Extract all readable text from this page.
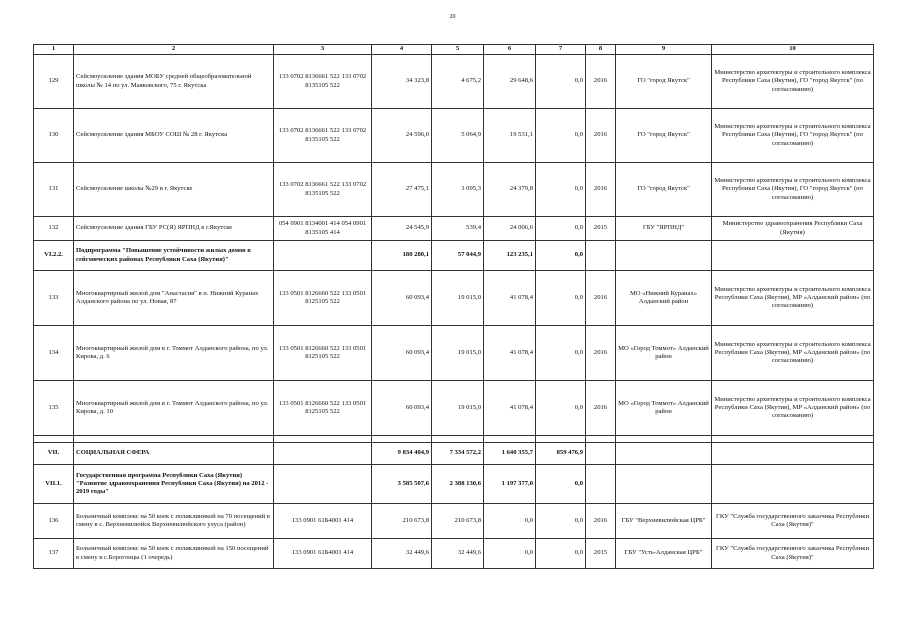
20
1	2	3	4	5	6	7	8	9	10
129	Сейсмоусиление здания МОБУ средней общеобразовательной школы № 14 по ул. Маяковского, 75 г. Якутска	133 0702 8136661 522 133 0702 8135105 522	34 323,8	4 675,2	29 648,6	0,0	2016	ГО "город Якутск"	Министерство архитектуры и строительного комплекса Республики Саха (Якутия), ГО "город Якутск" (по согласованию)
130	Сейсмоусиление здания МБОУ СОШ № 28 г. Якутска	133 0702 8136661 522 133 0702 8135105 522	24 596,0	5 064,9	19 531,1	0,0	2016	ГО "город Якутск"	Министерство архитектуры и строительного комплекса Республики Саха (Якутия), ГО "город Якутск" (по согласованию)
131	Сейсмоусиление школы №29 в г. Якутске	133 0702 8136661 522 133 0702 8135105 522	27 475,1	3 095,3	24 379,8	0,0	2016	ГО "город Якутск"	Министерство архитектуры и строительного комплекса Республики Саха (Якутия), ГО "город Якутск" (по согласованию)
132	Сейсмоусиление здания ГБУ РС(Я) ЯРПНД в г.Якутске	054 0901 8134001 414 054 0901 8135105 414	24 545,9	539,4	24 006,6	0,0	2015	ГБУ "ЯРПНД"	Министерство здравоохранения Республики Саха (Якутия)
VI.2.2.	Подпрограмма "Повышение устойчивости жилых домов в сейсмических районах Республики Саха (Якутия)"		180 280,1	57 044,9	123 235,1	0,0			
133	Многоквартирный жилой дом "Анастасия" в п. Нижний Куранах Алданского района по ул. Новая, 87	133 0501 8126660 522 133 0501 8125105 522	60 093,4	19 015,0	41 078,4	0,0	2016	МО «Нижний Куранах» Алданский район	Министерство архитектуры и строительного комплекса Республики Саха (Якутия), МР «Алданский район» (по согласованию)
134	Многоквартирный жилой дом в г. Томмот Алданского района, по ул. Кирова, д. 6	133 0501 8126660 522 133 0501 8125105 522	60 093,4	19 015,0	41 078,4	0,0	2016	МО «Город Томмот» Алданский район	Министерство архитектуры и строительного комплекса Республики Саха (Якутия), МР «Алданский район» (по согласованию)
135	Многоквартирный жилой дом в г. Томмот Алданского района, по ул. Кирова, д. 10	133 0501 8126660 522 133 0501 8125105 522	60 093,4	19 015,0	41 078,4	0,0	2016	МО «Город Томмот» Алданский район	Министерство архитектуры и строительного комплекса Республики Саха (Якутия), МР «Алданский район» (по согласованию)

VII.	СОЦИАЛЬНАЯ СФЕРА		9 834 404,9	7 334 572,2	1 640 355,7	859 476,9			
VII.1.	Государственная программа Республики Саха (Якутия) "Развитие здравоохранения Республики Саха (Якутия) на 2012 - 2019 годы"		3 585 507,6	2 388 130,6	1 197 377,0	0,0			
136	Больничный комплекс на 50 коек с поликлиникой на 70 посещений в смену в с. Верхневилюйск Верхневилюйского улуса (район)	133 0901 61Б4001 414	210 673,8	210 673,8	0,0	0,0	2016	ГБУ "Верхневилюйская ЦРБ"	ГКУ "Служба государственного заказчика Республики Саха (Якутия)"
137	Больничный комплекс на 50 коек с поликлиникой на 150 посещений в смену в с.Борогонцы (1 очередь)	133 0901 61Б4001 414	32 449,6	32 449,6	0,0	0,0	2015	ГБУ "Усть-Алданская ЦРБ"	ГКУ "Служба государственного заказчика Республики Саха (Якутия)"
